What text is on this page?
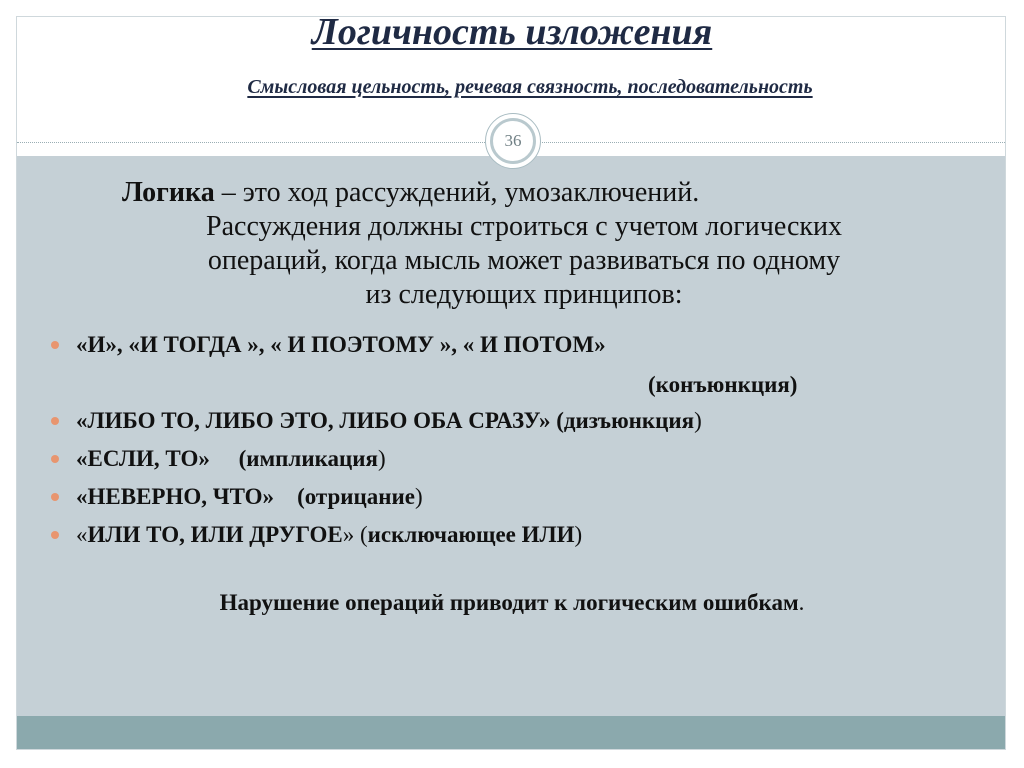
Логичность изложения

Смысловая цельность, речевая связность, последовательность

36
Логика – это ход рассуждений, умозаключений.
Рассуждения должны строиться с учетом логических
операций, когда мысль может развиваться по одному
из следующих принципов:
«И», «И ТОГДА », « И ПОЭТОМУ », « И ПОТОМ»
«ЛИБО ТО, ЛИБО ЭТО, ЛИБО ОБА СРАЗУ» (дизъюнкция)
«ЕСЛИ, ТО»     (импликация)
«НЕВЕРНО, ЧТО»    (отрицание)
«ИЛИ ТО, ИЛИ ДРУГОЕ» (исключающее ИЛИ)
(конъюнкция)
Нарушение операций приводит к логическим ошибкам.
